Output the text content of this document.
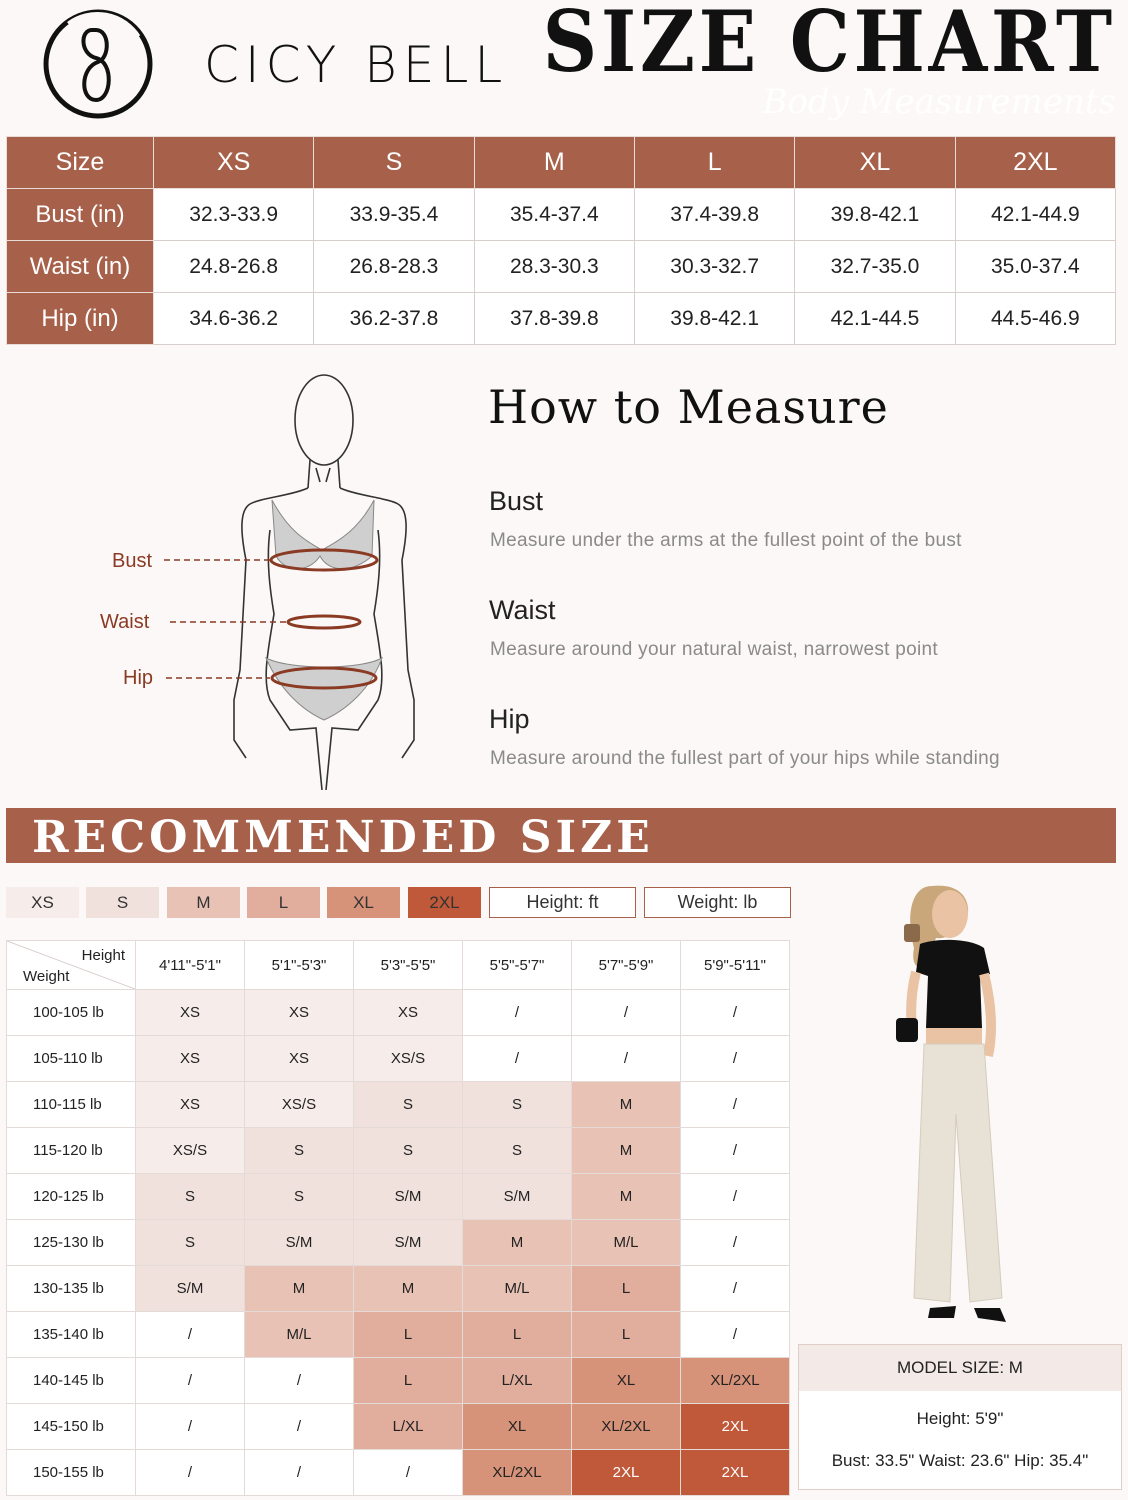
CICY BELL SIZE CHART
Body Measurements
Size	XS	S	M	L	XL	2XL
Bust (in)	32.3-33.9	33.9-35.4	35.4-37.4	37.4-39.8	39.8-42.1	42.1-44.9
Waist (in)	24.8-26.8	26.8-28.3	28.3-30.3	30.3-32.7	32.7-35.0	35.0-37.4
Hip (in)	34.6-36.2	36.2-37.8	37.8-39.8	39.8-42.1	42.1-44.5	44.5-46.9
Bust
Waist
Hip
How to Measure
Bust
Measure under the arms at the fullest point of the bust
Waist
Measure around your natural waist, narrowest point
Hip
Measure around the fullest part of your hips while standing
RECOMMENDED SIZE
XS	S	M	L	XL	2XL	Height: ft	Weight: lb
Height
Weight	4'11"-5'1"	5'1"-5'3"	5'3"-5'5"	5'5"-5'7"	5'7"-5'9"	5'9"-5'11"
100-105 lb	XS	XS	XS	/	/	/
105-110 lb	XS	XS	XS/S	/	/	/
110-115 lb	XS	XS/S	S	S	M	/
115-120 lb	XS/S	S	S	S	M	/
120-125 lb	S	S	S/M	S/M	M	/
125-130 lb	S	S/M	S/M	M	M/L	/
130-135 lb	S/M	M	M	M/L	L	/
135-140 lb	/	M/L	L	L	L	/
140-145 lb	/	/	L	L/XL	XL	XL/2XL
145-150 lb	/	/	L/XL	XL	XL/2XL	2XL
150-155 lb	/	/	/	XL/2XL	2XL	2XL
MODEL SIZE: M
Height: 5'9"
Bust: 33.5" Waist: 23.6" Hip: 35.4"
